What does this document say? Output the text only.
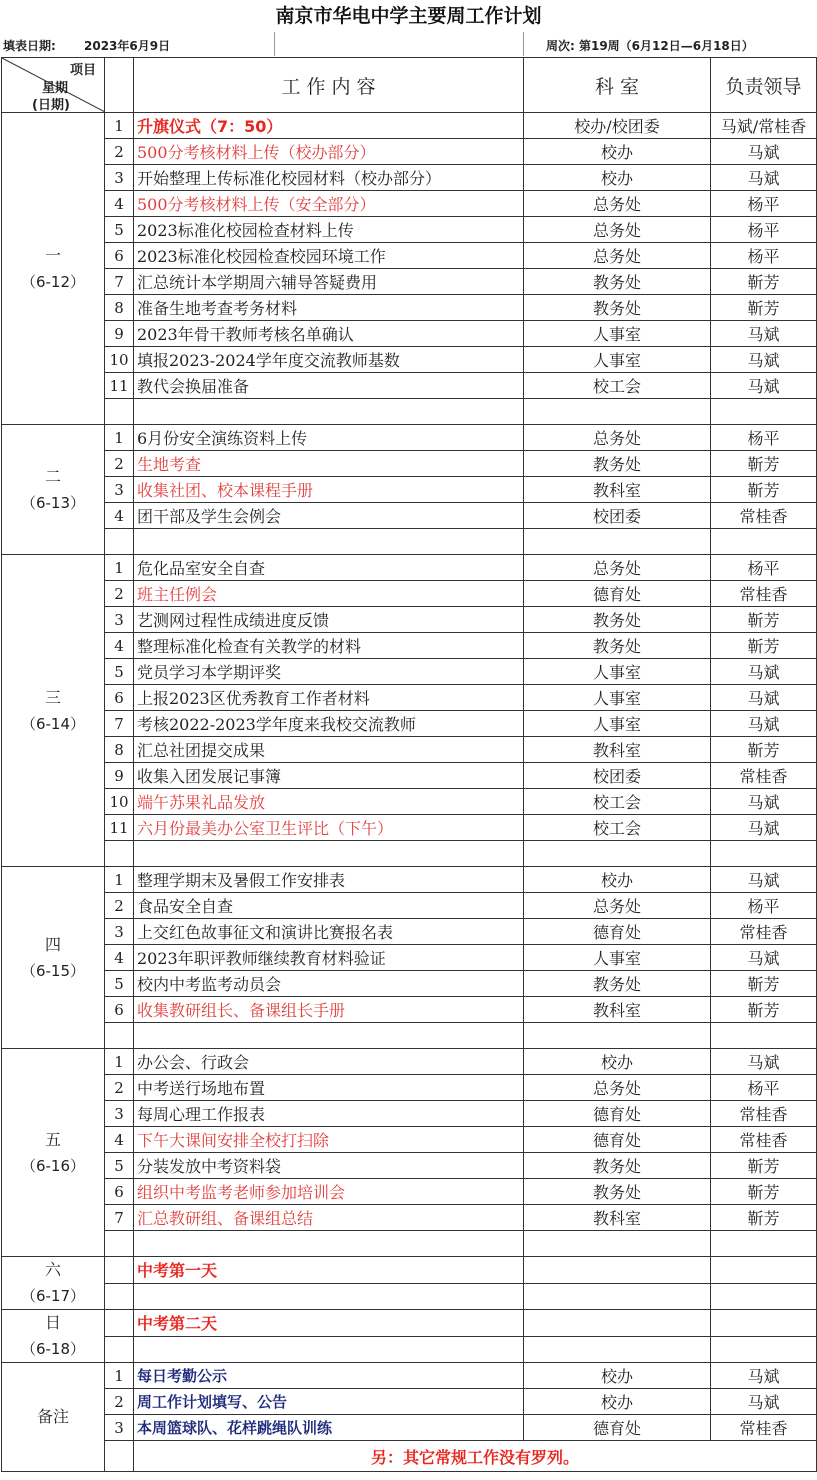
南京市华电中学主要周工作计划
填表日期: 2023年6月9日	周次: 第19周（6月12日—6月18日）
项目
星期
(日期)		工 作 内 容	科 室	负责领导

一
（6-12）	1	升旗仪式（7：50）	校办/校团委	马斌/常桂香
	2	500分考核材料上传（校办部分）	校办	马斌
	3	开始整理上传标准化校园材料（校办部分）	校办	马斌
	4	500分考核材料上传（安全部分）	总务处	杨平
	5	2023标准化校园检查材料上传	总务处	杨平
	6	2023标准化校园检查校园环境工作	总务处	杨平
	7	汇总统计本学期周六辅导答疑费用	教务处	靳芳
	8	准备生地考查考务材料	教务处	靳芳
	9	2023年骨干教师考核名单确认	人事室	马斌
	10	填报2023-2024学年度交流教师基数	人事室	马斌
	11	教代会换届准备	校工会	马斌

二
（6-13）	1	6月份安全演练资料上传	总务处	杨平
	2	生地考查	教务处	靳芳
	3	收集社团、校本课程手册	教科室	靳芳
	4	团干部及学生会例会	校团委	常桂香

三
（6-14）	1	危化品室安全自查	总务处	杨平
	2	班主任例会	德育处	常桂香
	3	艺测网过程性成绩进度反馈	教务处	靳芳
	4	整理标准化检查有关教学的材料	教务处	靳芳
	5	党员学习本学期评奖	人事室	马斌
	6	上报2023区优秀教育工作者材料	人事室	马斌
	7	考核2022-2023学年度来我校交流教师	人事室	马斌
	8	汇总社团提交成果	教科室	靳芳
	9	收集入团发展记事簿	校团委	常桂香
	10	端午苏果礼品发放	校工会	马斌
	11	六月份最美办公室卫生评比（下午）	校工会	马斌

四
（6-15）	1	整理学期末及暑假工作安排表	校办	马斌
	2	食品安全自查	总务处	杨平
	3	上交红色故事征文和演讲比赛报名表	德育处	常桂香
	4	2023年职评教师继续教育材料验证	人事室	马斌
	5	校内中考监考动员会	教务处	靳芳
	6	收集教研组长、备课组长手册	教科室	靳芳

五
（6-16）	1	办公会、行政会	校办	马斌
	2	中考送行场地布置	总务处	杨平
	3	每周心理工作报表	德育处	常桂香
	4	下午大课间安排全校打扫除	德育处	常桂香
	5	分装发放中考资料袋	教务处	靳芳
	6	组织中考监考老师参加培训会	教务处	靳芳
	7	汇总教研组、备课组总结	教科室	靳芳

六
（6-17）		中考第一天		

日
（6-18）		中考第二天		

备注	1	每日考勤公示	校办	马斌
	2	周工作计划填写、公告	校办	马斌
	3	本周篮球队、花样跳绳队训练	德育处	常桂香
		另：其它常规工作没有罗列。		
